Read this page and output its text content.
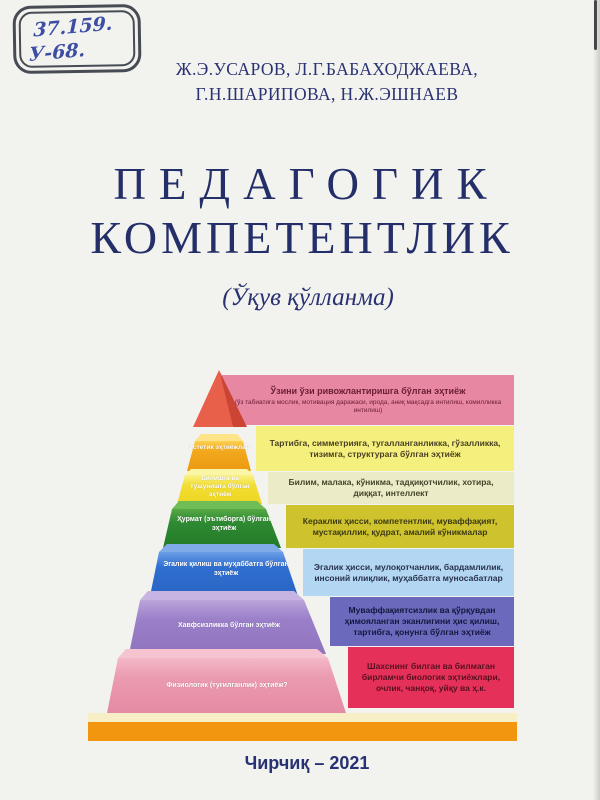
37.159.
У-68.
Ж.Э.УСАРОВ, Л.Г.БАБАХОДЖАЕВА,
Г.Н.ШАРИПОВА, Н.Ж.ЭШНАЕВ
ПЕДАГОГИК
КОМПЕТЕНТЛИК
(Ўқув қўлланма)
Ўзини ўзи ривожлантиришга бўлган эҳтиёж
(ўз табиатига мослик, мотивация даражаси, ирода, аниқ мақсадга интилиш, комилликка интилиш)
Тартибга, симметрияга, тугалланганликка, гўзалликка, тизимга, структурага бўлган эҳтиёж
Билим, малака, кўникма, тадқиқотчилик, хотира, диққат, интеллект
Кераклик ҳисси, компетентлик, муваффақият, мустақиллик, қудрат, амалий кўникмалар
Эгалик ҳисси, мулоқотчанлик, бардамлилик, инсоний илиқлик, муҳаббатга муносабатлар
Муваффақиятсизлик ва қўрқувдан ҳимояланган эканлигини ҳис қилиш, тартибга, қонунга бўлган эҳтиёж
Шахснинг билган ва билмаган бирламчи биологик эҳтиёжлари, очлик, чанқоқ, уйқу ва ҳ.к.
Эстетик эҳтиёжлар
Билишга ва тушунишга бўлган эҳтиёж
Ҳурмат (эътиборга) бўлган эҳтиёж
Эгалик қилиш ва муҳаббатга бўлган эҳтиёж
Хавфсизликка бўлган эҳтиёж
Физиологик (туғилганлик) эҳтиёж?
Чирчиқ – 2021
